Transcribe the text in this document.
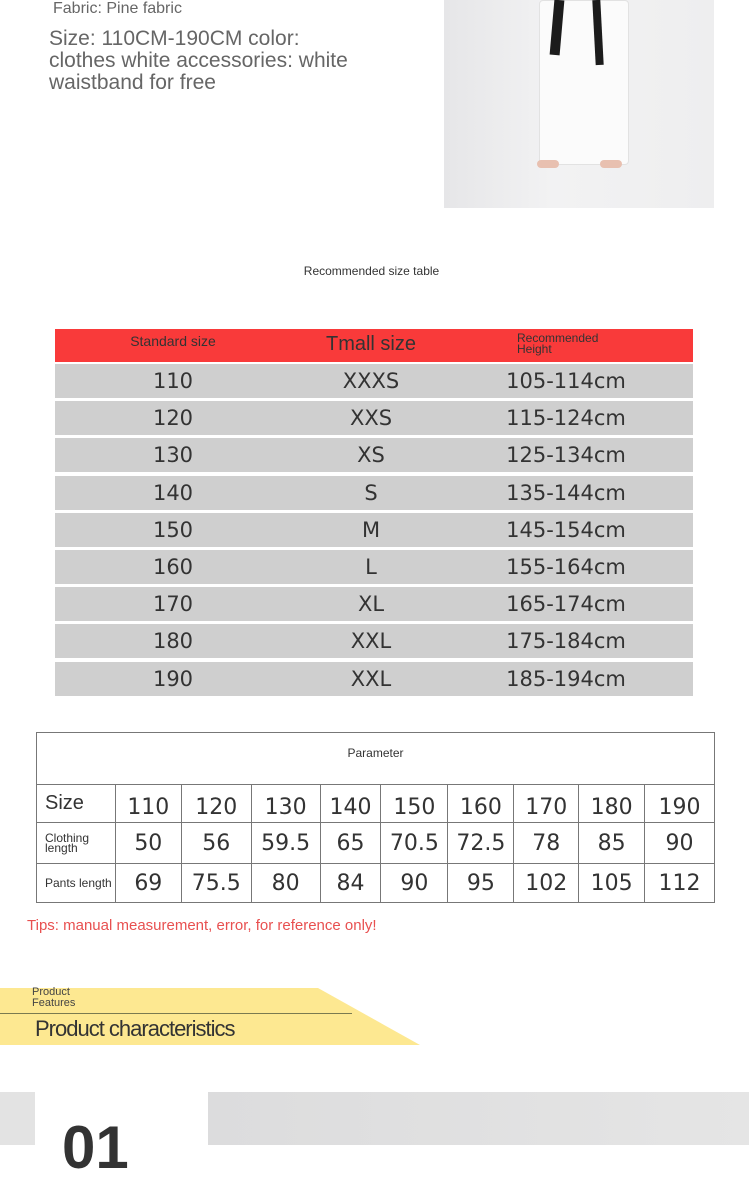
Fabric: Pine fabric
Size: 110CM-190CM color: clothes white accessories: white waistband for free
Recommended size table
Standard size	Tmall size	Recommended Height
110	XXXS	105-114cm
120	XXS	115-124cm
130	XS	125-134cm
140	S	135-144cm
150	M	145-154cm
160	L	155-164cm
170	XL	165-174cm
180	XXL	175-184cm
190	XXL	185-194cm
Parameter									
Size	110	120	130	140	150	160	170	180	190
Clothing length	50	56	59.5	65	70.5	72.5	78	85	90
Pants length	69	75.5	80	84	90	95	102	105	112
Tips: manual measurement, error, for reference only!
Product Features
Product characteristics
01
